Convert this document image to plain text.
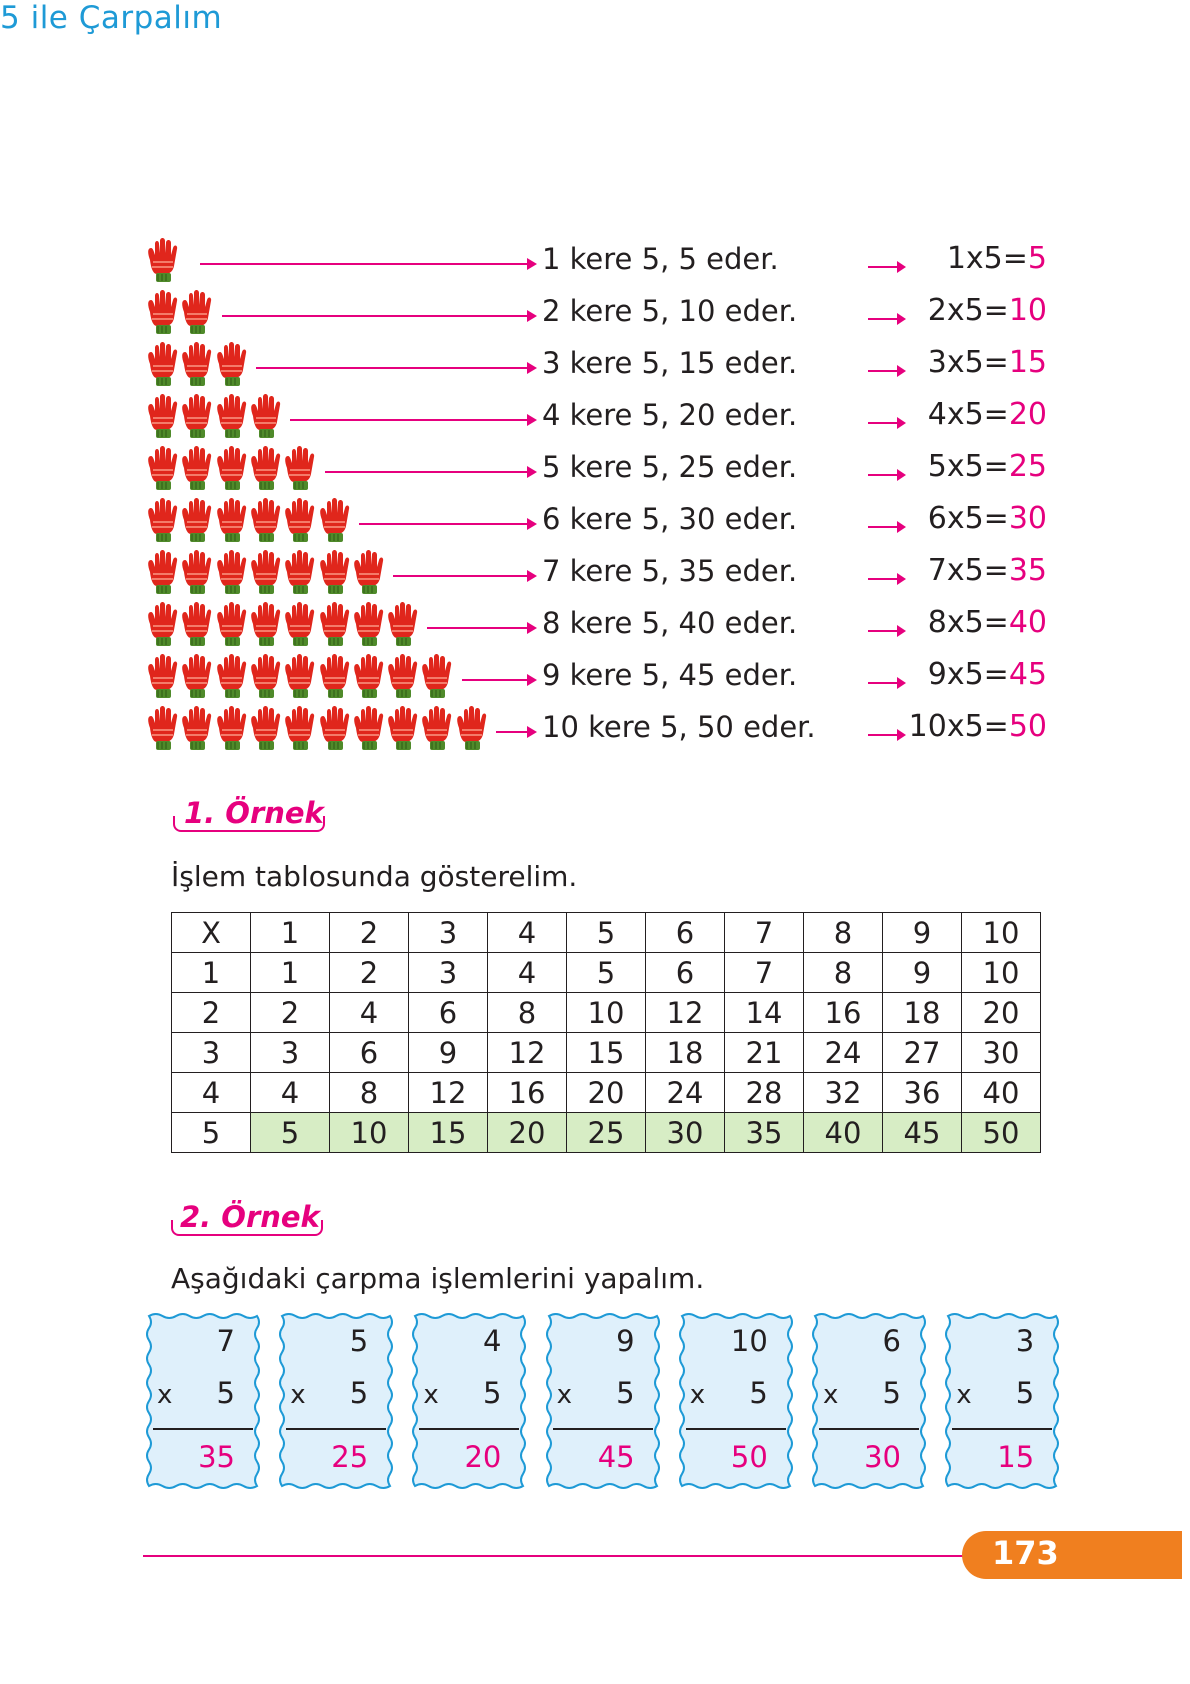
5 ile Çarpalım
1 kere 5, 5 eder.	1x5=5
2 kere 5, 10 eder.	2x5=10
3 kere 5, 15 eder.	3x5=15
4 kere 5, 20 eder.	4x5=20
5 kere 5, 25 eder.	5x5=25
6 kere 5, 30 eder.	6x5=30
7 kere 5, 35 eder.	7x5=35
8 kere 5, 40 eder.	8x5=40
9 kere 5, 45 eder.	9x5=45
10 kere 5, 50 eder.	10x5=50
1. Örnek
İşlem tablosunda gösterelim.
X	1	2	3	4	5	6	7	8	9	10
1	1	2	3	4	5	6	7	8	9	10
2	2	4	6	8	10	12	14	16	18	20
3	3	6	9	12	15	18	21	24	27	30
4	4	8	12	16	20	24	28	32	36	40
5	5	10	15	20	25	30	35	40	45	50
2. Örnek
Aşağıdaki çarpma işlemlerini yapalım.
7
x 5
35
5
x 5
25
4
x 5
20
9
x 5
45
10
x 5
50
6
x 5
30
3
x 5
15
173
